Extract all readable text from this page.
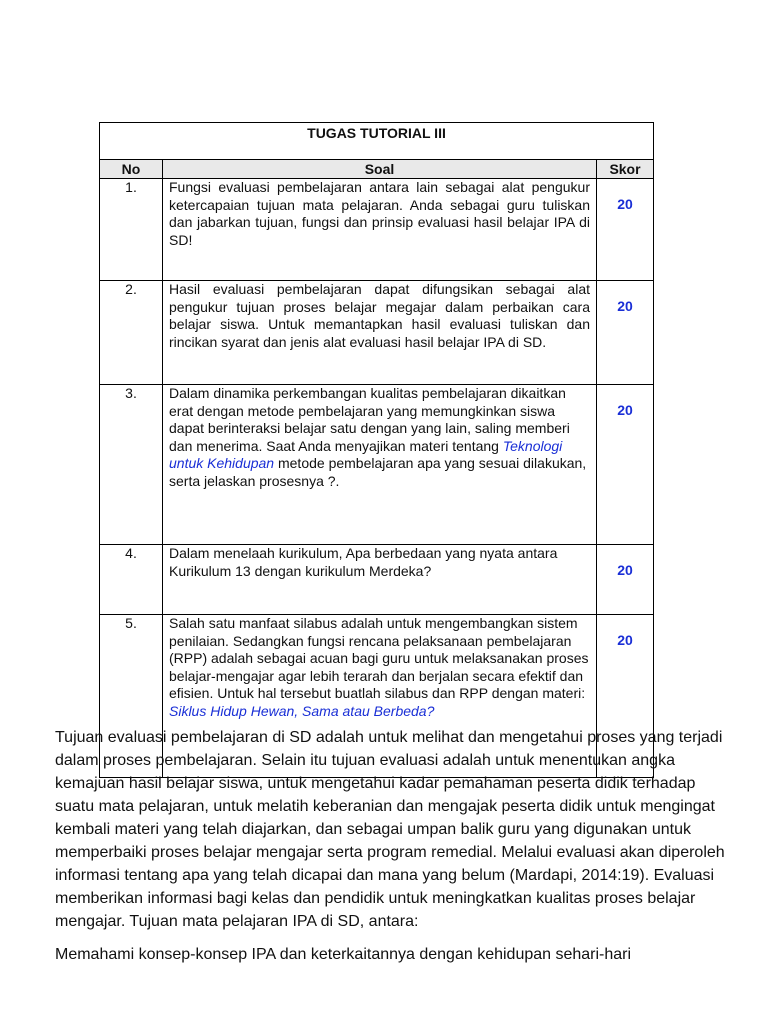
TUGAS TUTORIAL III		
No	Soal	Skor
1.	Fungsi evaluasi pembelajaran antara lain sebagai alat pengukur ketercapaian tujuan mata pelajaran. Anda sebagai guru tuliskan dan jabarkan tujuan, fungsi dan prinsip evaluasi hasil belajar IPA di SD!	20
2.	Hasil evaluasi pembelajaran dapat difungsikan sebagai alat pengukur tujuan proses belajar megajar dalam perbaikan cara belajar siswa. Untuk memantapkan hasil evaluasi tuliskan dan rincikan syarat dan jenis alat evaluasi hasil belajar IPA di SD.	20
3.	Dalam dinamika perkembangan kualitas pembelajaran dikaitkan erat dengan metode pembelajaran yang memungkinkan siswa dapat berinteraksi belajar satu dengan yang lain, saling memberi dan menerima. Saat Anda menyajikan materi tentang Teknologi untuk Kehidupan metode pembelajaran apa yang sesuai dilakukan, serta jelaskan prosesnya ?.	20
4.	Dalam menelaah kurikulum, Apa berbedaan yang nyata antara Kurikulum 13 dengan kurikulum Merdeka?	20
5.	Salah satu manfaat silabus adalah untuk mengembangkan sistem penilaian. Sedangkan fungsi rencana pelaksanaan pembelajaran (RPP) adalah sebagai acuan bagi guru untuk melaksanakan proses belajar-mengajar agar lebih terarah dan berjalan secara efektif dan efisien. Untuk hal tersebut buatlah silabus dan RPP dengan materi: Siklus Hidup Hewan, Sama atau Berbeda?	20

Tujuan evaluasi pembelajaran di SD adalah untuk melihat dan mengetahui proses yang terjadi dalam proses pembelajaran. Selain itu tujuan evaluasi adalah untuk menentukan angka kemajuan hasil belajar siswa, untuk mengetahui kadar pemahaman peserta didik terhadap suatu mata pelajaran, untuk melatih keberanian dan mengajak peserta didik untuk mengingat kembali materi yang telah diajarkan, dan sebagai umpan balik guru yang digunakan untuk memperbaiki proses belajar mengajar serta program remedial. Melalui evaluasi akan diperoleh informasi tentang apa yang telah dicapai dan mana yang belum (Mardapi, 2014:19). Evaluasi memberikan informasi bagi kelas dan pendidik untuk meningkatkan kualitas proses belajar mengajar. Tujuan mata pelajaran IPA di SD, antara:

Memahami konsep-konsep IPA dan keterkaitannya dengan kehidupan sehari-hari
